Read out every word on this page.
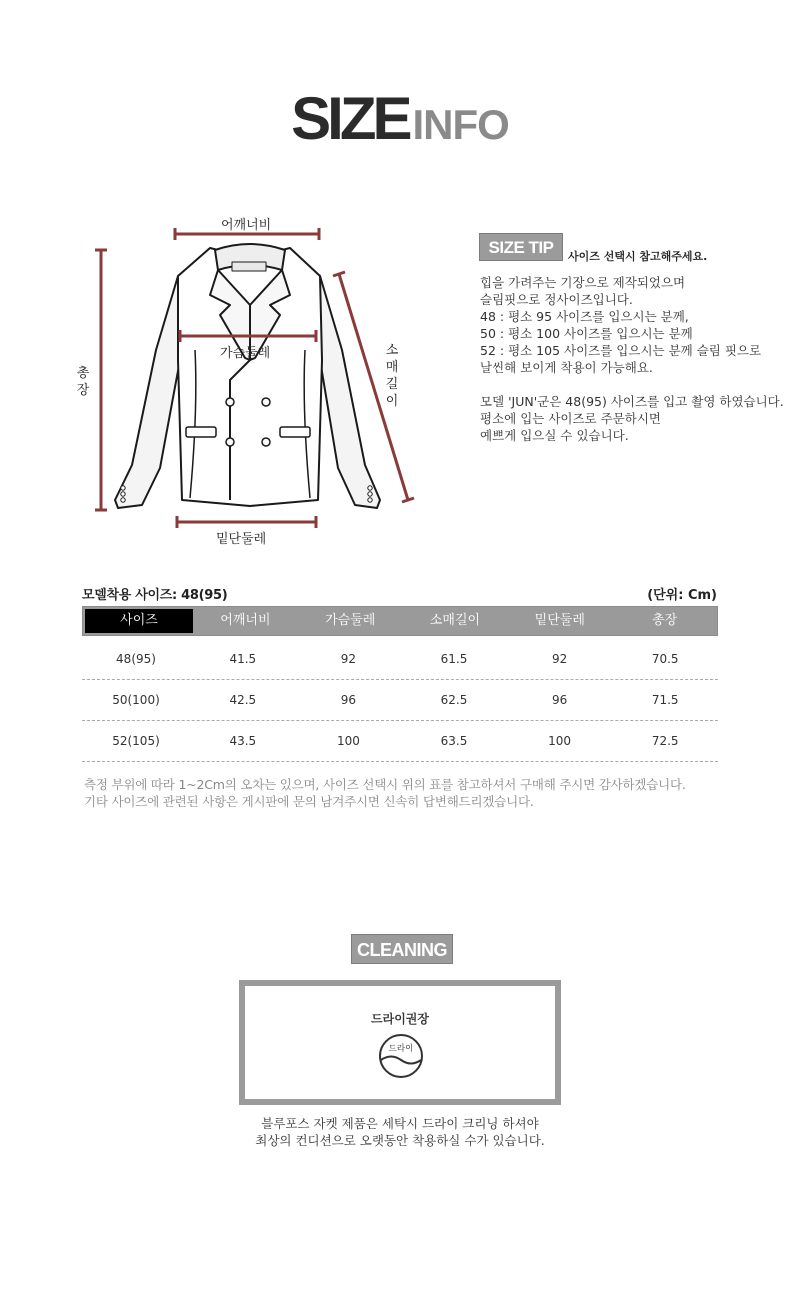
SIZEINFO
어깨너비
가슴둘레
밑단둘레
총
장
소
매
길
이
SIZE TIP	사이즈 선택시 참고해주세요.
힙을 가려주는 기장으로 제작되었으며
슬림핏으로 정사이즈입니다.
48 : 평소 95 사이즈를 입으시는 분께,
50 : 평소 100 사이즈를 입으시는 분께
52 : 평소 105 사이즈를 입으시는 분께 슬림 핏으로
날씬해 보이게 착용이 가능해요.
모델 'JUN'군은 48(95) 사이즈를 입고 촬영 하였습니다.
평소에 입는 사이즈로 주문하시면
예쁘게 입으실 수 있습니다.
모델착용 사이즈: 48(95)	(단위: Cm)
사이즈	어깨너비	가슴둘레	소매길이	밑단둘레	총장
48(95)	41.5	92	61.5	92	70.5
50(100)	42.5	96	62.5	96	71.5
52(105)	43.5	100	63.5	100	72.5
측정 부위에 따라 1~2Cm의 오차는 있으며, 사이즈 선택시 위의 표를 참고하셔서 구매해 주시면 감사하겠습니다.
기타 사이즈에 관련된 사항은 게시판에 문의 남겨주시면 신속히 답변해드리겠습니다.
CLEANING
드라이권장
드라이
블루포스 자켓 제품은 세탁시 드라이 크리닝 하셔야
최상의 컨디션으로 오랫동안 착용하실 수가 있습니다.
